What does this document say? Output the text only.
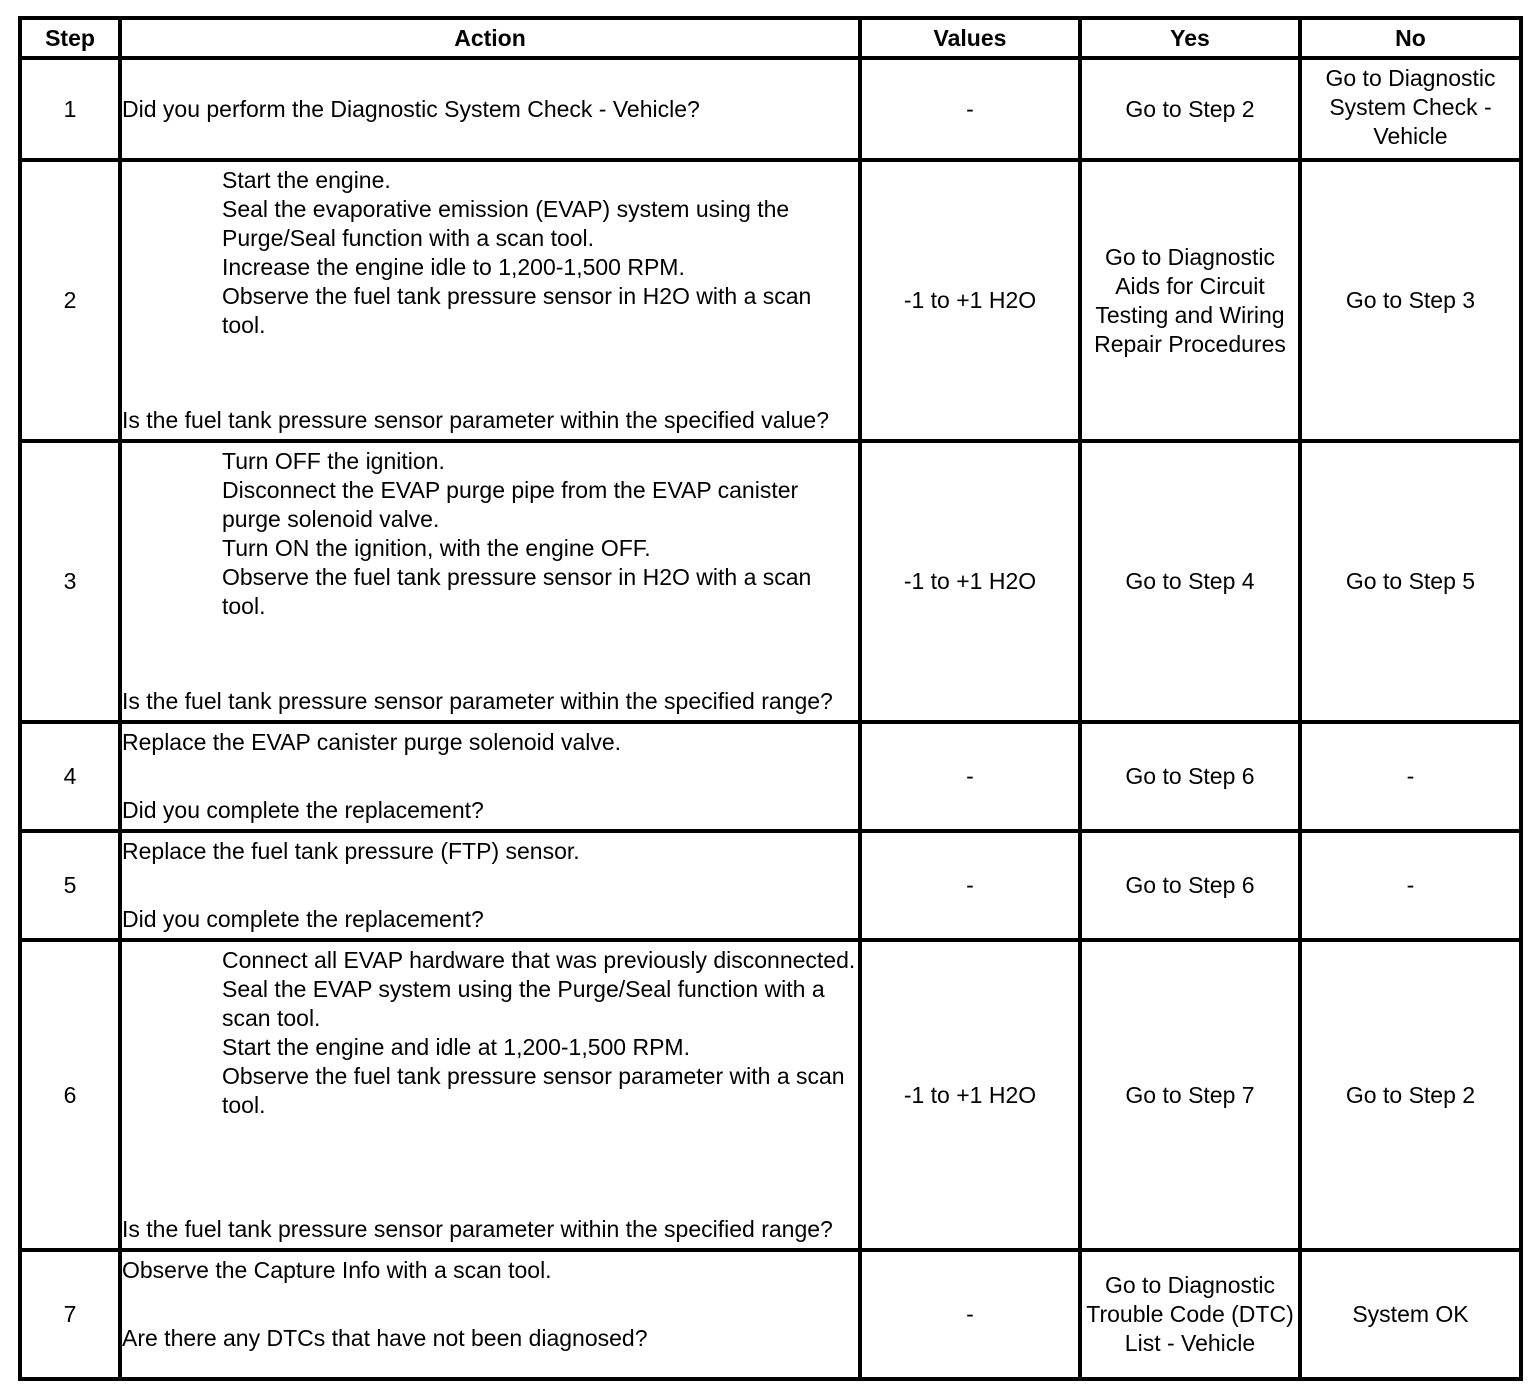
Step	Action	Values	Yes	No
1	Did you perform the Diagnostic System Check - Vehicle?	-	Go to Step 2	Go to Diagnostic System Check - Vehicle
2	Start the engine.
Seal the evaporative emission (EVAP) system using the Purge/Seal function with a scan tool.
Increase the engine idle to 1,200-1,500 RPM.
Observe the fuel tank pressure sensor in H2O with a scan tool.
Is the fuel tank pressure sensor parameter within the specified value?	-1 to +1 H2O	Go to Diagnostic Aids for Circuit Testing and Wiring Repair Procedures	Go to Step 3
3	Turn OFF the ignition.
Disconnect the EVAP purge pipe from the EVAP canister purge solenoid valve.
Turn ON the ignition, with the engine OFF.
Observe the fuel tank pressure sensor in H2O with a scan tool.
Is the fuel tank pressure sensor parameter within the specified range?	-1 to +1 H2O	Go to Step 4	Go to Step 5
4	Replace the EVAP canister purge solenoid valve.
Did you complete the replacement?	-	Go to Step 6	-
5	Replace the fuel tank pressure (FTP) sensor.
Did you complete the replacement?	-	Go to Step 6	-
6	Connect all EVAP hardware that was previously disconnected.
Seal the EVAP system using the Purge/Seal function with a scan tool.
Start the engine and idle at 1,200-1,500 RPM.
Observe the fuel tank pressure sensor parameter with a scan tool.
Is the fuel tank pressure sensor parameter within the specified range?	-1 to +1 H2O	Go to Step 7	Go to Step 2
7	Observe the Capture Info with a scan tool.
Are there any DTCs that have not been diagnosed?	-	Go to Diagnostic Trouble Code (DTC) List - Vehicle	System OK
